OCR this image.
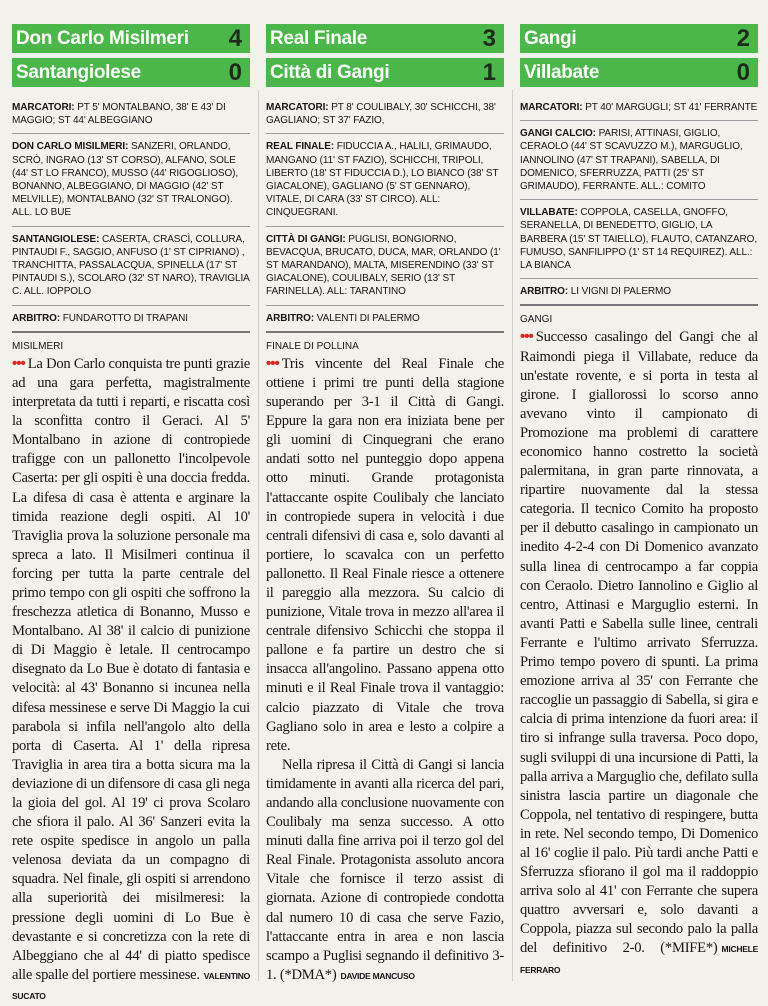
Don Carlo Misilmeri 4
Santangiolese	0
MARCATORI: PT 5' MONTALBANO, 38' E 43' DI MAGGIO; ST 44' ALBEGGIANO
DON CARLO MISILMERI: SANZERI, ORLANDO, SCRÒ, INGRAO (13' ST CORSO), ALFANO, SOLE (44' ST LO FRANCO), MUSSO (44' RIGOGLIOSO), BONANNO, ALBEGGIANO, DI MAGGIO (42' ST MELVILLE), MONTALBANO (32' ST TRALONGO). ALL. LO BUE
SANTANGIOLESE: CASERTA, CRASCÌ, COLLURA, PINTAUDI F., SAGGIO, ANFUSO (1' ST CIPRIANO) , TRANCHITTA, PASSALACQUA, SPINELLA (17' ST PINTAUDI S.), SCOLARO (32' ST NARO), TRAVIGLIA C. ALL. IOPPOLO
ARBITRO: FUNDAROTTO DI TRAPANI
MISILMERI

••• La Don Carlo conquista tre punti grazie ad una gara perfetta, magistralmente interpretata da tutti i reparti, e riscatta così la sconfitta contro il Geraci. Al 5' Montalbano in azione di contropiede trafigge con un pallonetto l'incolpevole Caserta: per gli ospiti è una doccia fredda. La difesa di casa è attenta e arginare la timida reazione degli ospiti. Al 10' Traviglia prova la soluzione personale ma spreca a lato. Il Misilmeri continua il forcing per tutta la parte centrale del primo tempo con gli ospiti che soffrono la freschezza atletica di Bonanno, Musso e Montalbano. Al 38' il calcio di punizione di Di Maggio è letale. Il centrocampo disegnato da Lo Bue è dotato di fantasia e velocità: al 43' Bonanno si incunea nella difesa messinese e serve Di Maggio la cui parabola si infila nell'angolo alto della porta di Caserta. Al 1' della ripresa Traviglia in area tira a botta sicura ma la deviazione di un difensore di casa gli nega la gioia del gol. Al 19' ci prova Scolaro che sfiora il palo. Al 36' Sanzeri evita la rete ospite spedisce in angolo un palla velenosa deviata da un compagno di squadra. Nel finale, gli ospiti si arrendono alla superiorità dei misilmeresi: la pressione degli uomini di Lo Bue è devastante e si concretizza con la rete di Albeggiano che al 44' di piatto spedisce alle spalle del portiere messinese. VALENTINO SUCATO

Real Finale	3
Città di Gangi	1
MARCATORI: PT 8' COULIBALY, 30' SCHICCHI, 38' GAGLIANO; ST 37' FAZIO,
REAL FINALE: FIDUCCIA A., HALILI, GRIMAUDO, MANGANO (11' ST FAZIO), SCHICCHI, TRIPOLI, LIBERTO (18' ST FIDUCCIA D.), LO BIANCO (38' ST GIACALONE), GAGLIANO (5' ST GENNARO), VITALE, DI CARA (33' ST CIRCO). ALL: CINQUEGRANI.
CITTÀ DI GANGI: PUGLISI, BONGIORNO, BEVACQUA, BRUCATO, DUCA, MAR, ORLANDO (1' ST MARANDANO), MALTA, MISERENDINO (33' ST GIACALONE), COULIBALY, SERIO (13' ST FARINELLA). ALL: TARANTINO
ARBITRO: VALENTI DI PALERMO
FINALE DI POLLINA

••• Tris vincente del Real Finale che ottiene i primi tre punti della stagione superando per 3-1 il Città di Gangi. Eppure la gara non era iniziata bene per gli uomini di Cinquegrani che erano andati sotto nel punteggio dopo appena otto minuti. Grande protagonista l'attaccante ospite Coulibaly che lanciato in contropiede supera in velocità i due centrali difensivi di casa e, solo davanti al portiere, lo scavalca con un perfetto pallonetto. Il Real Finale riesce a ottenere il pareggio alla mezzora. Su calcio di punizione, Vitale trova in mezzo all'area il centrale difensivo Schicchi che stoppa il pallone e fa partire un destro che si insacca all'angolino. Passano appena otto minuti e il Real Finale trova il vantaggio: calcio piazzato di Vitale che trova Gagliano solo in area e lesto a colpire a rete.

Nella ripresa il Città di Gangi si lancia timidamente in avanti alla ricerca del pari, andando alla conclusione nuovamente con Coulibaly ma senza successo. A otto minuti dalla fine arriva poi il terzo gol del Real Finale. Protagonista assoluto ancora Vitale che fornisce il terzo assist di giornata. Azione di contropiede condotta dal numero 10 di casa che serve Fazio, l'attaccante entra in area e non lascia scampo a Puglisi segnando il definitivo 3-1. (*DMA*) DAVIDE MANCUSO

Gangi	2
Villabate	0
MARCATORI: PT 40' MARGUGLI; ST 41' FERRANTE
GANGI CALCIO: PARISI, ATTINASI, GIGLIO, CERAOLO (44' ST SCAVUZZO M.), MARGUGLIO, IANNOLINO (47' ST TRAPANI), SABELLA, DI DOMENICO, SFERRUZZA, PATTI (25' ST GRIMAUDO), FERRANTE. ALL.: COMITO
VILLABATE: COPPOLA, CASELLA, GNOFFO, SERANELLA, DI BENEDETTO, GIGLIO, LA BARBERA (15' ST TAIELLO), FLAUTO, CATANZARO, FUMUSO, SANFILIPPO (1' ST 14 REQUIREZ). ALL.: LA BIANCA
ARBITRO: LI VIGNI DI PALERMO
GANGI

••• Successo casalingo del Gangi che al Raimondi piega il Villabate, reduce da un'estate rovente, e si porta in testa al girone. I giallorossi lo scorso anno avevano vinto il campionato di Promozione ma problemi di carattere economico hanno costretto la società palermitana, in gran parte rinnovata, a ripartire nuovamente dal la stessa categoria. Il tecnico Comito ha proposto per il debutto casalingo in campionato un inedito 4-2-4 con Di Domenico avanzato sulla linea di centrocampo a far coppia con Ceraolo. Dietro Iannolino e Giglio al centro, Attinasi e Marguglio esterni. In avanti Patti e Sabella sulle linee, centrali Ferrante e l'ultimo arrivato Sferruzza. Primo tempo povero di spunti. La prima emozione arriva al 35' con Ferrante che raccoglie un passaggio di Sabella, si gira e calcia di prima intenzione da fuori area: il tiro si infrange sulla traversa. Poco dopo, sugli sviluppi di una incursione di Patti, la palla arriva a Marguglio che, defilato sulla sinistra lascia partire un diagonale che Coppola, nel tentativo di respingere, butta in rete. Nel secondo tempo, Di Domenico al 16' coglie il palo. Più tardi anche Patti e Sferruzza sfiorano il gol ma il raddoppio arriva solo al 41' con Ferrante che supera quattro avversari e, solo davanti a Coppola, piazza sul secondo palo la palla del definitivo 2-0. (*MIFE*) MICHELE FERRARO
